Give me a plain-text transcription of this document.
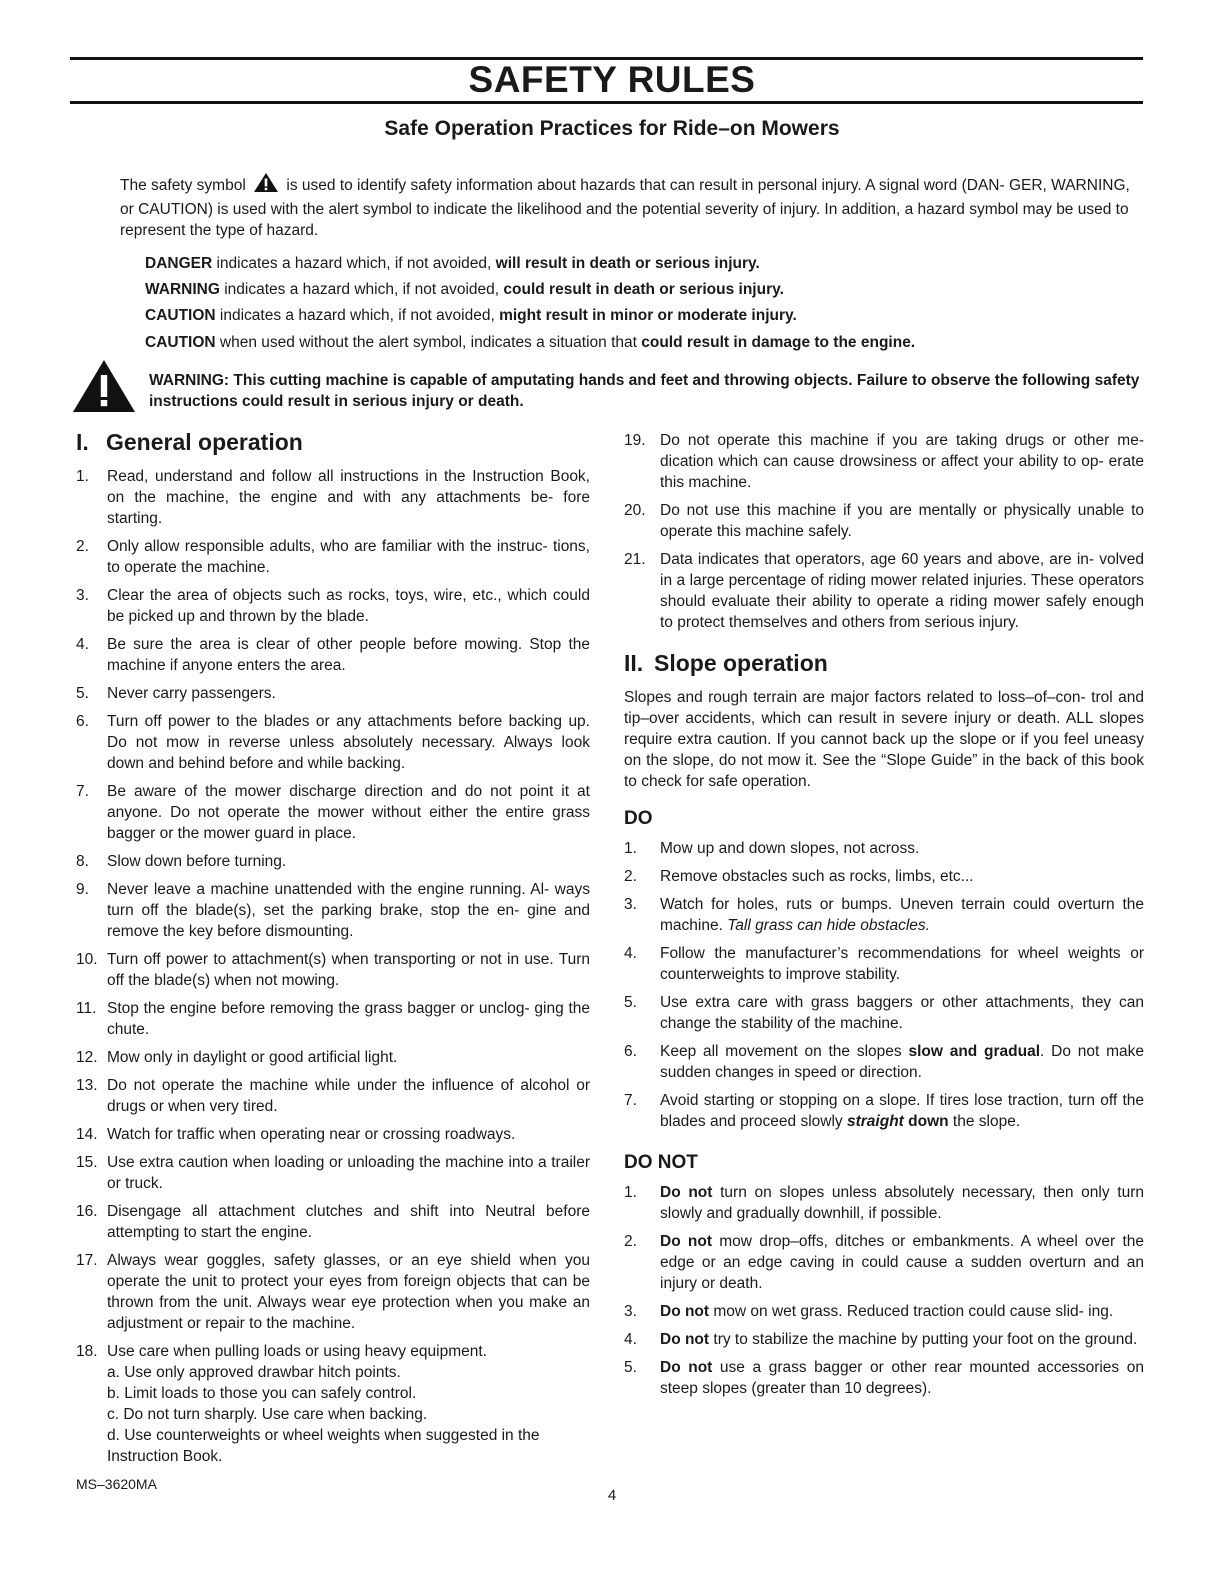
SAFETY RULES
Safe Operation Practices for Ride–on Mowers
The safety symbol	is used to identify safety information about hazards that can result in personal injury. A signal word (DAN- GER, WARNING, or CAUTION) is used with the alert symbol to indicate the likelihood and the potential severity of injury. In addition, a hazard symbol may be used to represent the type of hazard.

DANGER indicates a hazard which, if not avoided, will result in death or serious injury.

WARNING indicates a hazard which, if not avoided, could result in death or serious injury.

CAUTION indicates a hazard which, if not avoided, might result in minor or moderate injury.

CAUTION when used without the alert symbol, indicates a situation that could result in damage to the engine.

WARNING: This cutting machine is capable of amputating hands and feet and throwing objects. Failure to observe the following safety instructions could result in serious injury or death.
I. General operation
1. Read, understand and follow all instructions in the Instruction Book, on the machine, the engine and with any attachments be- fore starting.
2. Only allow responsible adults, who are familiar with the instruc- tions, to operate the machine.
3. Clear the area of objects such as rocks, toys, wire, etc., which could be picked up and thrown by the blade.
4. Be sure the area is clear of other people before mowing. Stop the machine if anyone enters the area.
5. Never carry passengers.
6. Turn off power to the blades or any attachments before backing up. Do not mow in reverse unless absolutely necessary. Always look down and behind before and while backing.
7. Be aware of the mower discharge direction and do not point it at anyone. Do not operate the mower without either the entire grass bagger or the mower guard in place.
8. Slow down before turning.
9. Never leave a machine unattended with the engine running. Al- ways turn off the blade(s), set the parking brake, stop the en- gine and remove the key before dismounting.
10. Turn off power to attachment(s) when transporting or not in use. Turn off the blade(s) when not mowing.
11. Stop the engine before removing the grass bagger or unclog- ging the chute.
12. Mow only in daylight or good artificial light.
13. Do not operate the machine while under the influence of alcohol or drugs or when very tired.
14. Watch for traffic when operating near or crossing roadways.
15. Use extra caution when loading or unloading the machine into a trailer or truck.
16. Disengage all attachment clutches and shift into Neutral before attempting to start the engine.
17. Always wear goggles, safety glasses, or an eye shield when you operate the unit to protect your eyes from foreign objects that can be thrown from the unit. Always wear eye protection when you make an adjustment or repair to the machine.
18. Use care when pulling loads or using heavy equipment.
a. Use only approved drawbar hitch points.
b. Limit loads to those you can safely control.
c. Do not turn sharply. Use care when backing.
d. Use counterweights or wheel weights when suggested in the Instruction Book.
19. Do not operate this machine if you are taking drugs or other me- dication which can cause drowsiness or affect your ability to op- erate this machine.
20. Do not use this machine if you are mentally or physically unable to operate this machine safely.
21. Data indicates that operators, age 60 years and above, are in- volved in a large percentage of riding mower related injuries. These operators should evaluate their ability to operate a riding mower safely enough to protect themselves and others from serious injury.
II. Slope operation

Slopes and rough terrain are major factors related to loss–of–con- trol and tip–over accidents, which can result in severe injury or death. ALL slopes require extra caution. If you cannot back up the slope or if you feel uneasy on the slope, do not mow it. See the “Slope Guide” in the back of this book to check for safe operation.

DO
1. Mow up and down slopes, not across.
2. Remove obstacles such as rocks, limbs, etc...
3. Watch for holes, ruts or bumps. Uneven terrain could overturn the machine. Tall grass can hide obstacles.
4. Follow the manufacturer’s recommendations for wheel weights or counterweights to improve stability.
5. Use extra care with grass baggers or other attachments, they can change the stability of the machine.
6. Keep all movement on the slopes slow and gradual. Do not make sudden changes in speed or direction.
7. Avoid starting or stopping on a slope. If tires lose traction, turn off the blades and proceed slowly straight down the slope.
DO NOT
1. Do not turn on slopes unless absolutely necessary, then only turn slowly and gradually downhill, if possible.
2. Do not mow drop–offs, ditches or embankments. A wheel over the edge or an edge caving in could cause a sudden overturn and an injury or death.
3. Do not mow on wet grass. Reduced traction could cause slid- ing.
4. Do not try to stabilize the machine by putting your foot on the ground.
5. Do not use a grass bagger or other rear mounted accessories on steep slopes (greater than 10 degrees).
MS–3620MA
4
